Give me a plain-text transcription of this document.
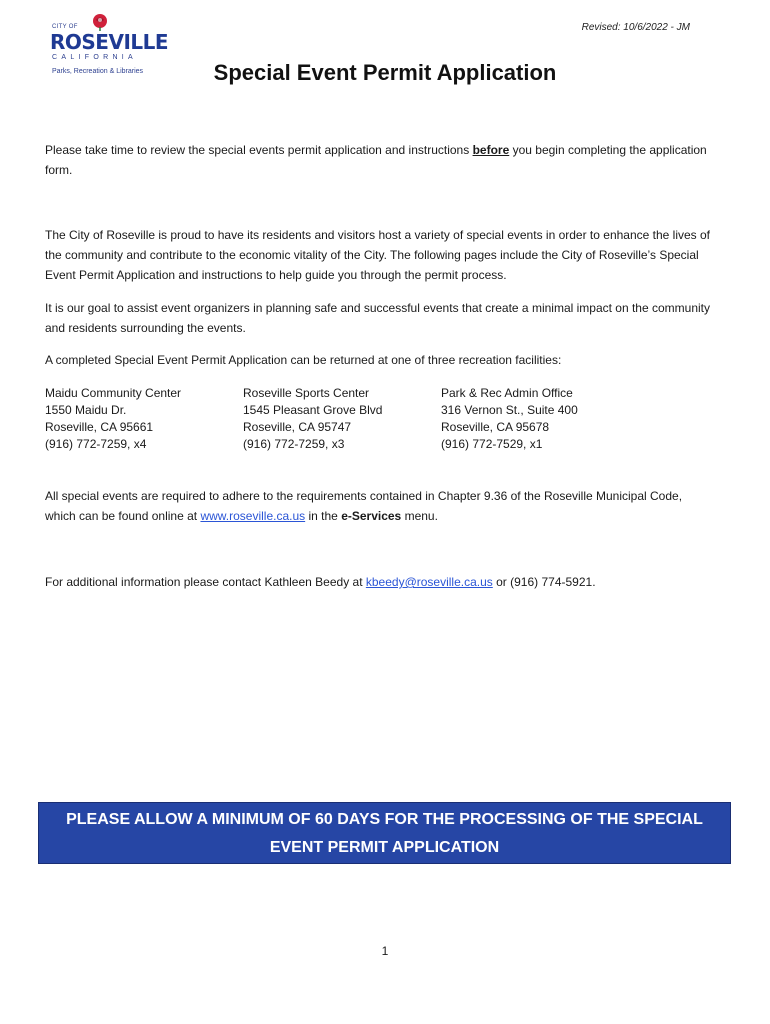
CITY OF
ROSEVILLE
CALIFORNIA
Parks, Recreation & Libraries
Revised: 10/6/2022 - JM
Special Event Permit Application

Please take time to review the special events permit application and instructions before you begin completing the application form.

The City of Roseville is proud to have its residents and visitors host a variety of special events in order to enhance the lives of the community and contribute to the economic vitality of the City. The following pages include the City of Roseville’s Special Event Permit Application and instructions to help guide you through the permit process.

It is our goal to assist event organizers in planning safe and successful events that create a minimal impact on the community and residents surrounding the events.

A completed Special Event Permit Application can be returned at one of three recreation facilities:

Maidu Community Center
1550 Maidu Dr.
Roseville, CA 95661
(916) 772-7259, x4
Roseville Sports Center
1545 Pleasant Grove Blvd
Roseville, CA 95747
(916) 772-7259, x3
Park & Rec Admin Office
316 Vernon St., Suite 400
Roseville, CA 95678
(916) 772-7529, x1

All special events are required to adhere to the requirements contained in Chapter 9.36 of the Roseville Municipal Code, which can be found online at www.roseville.ca.us in the e-Services menu.

For additional information please contact Kathleen Beedy at kbeedy@roseville.ca.us or (916) 774-5921.

PLEASE ALLOW A MINIMUM OF 60 DAYS FOR THE PROCESSING OF THE SPECIAL EVENT PERMIT APPLICATION
1
